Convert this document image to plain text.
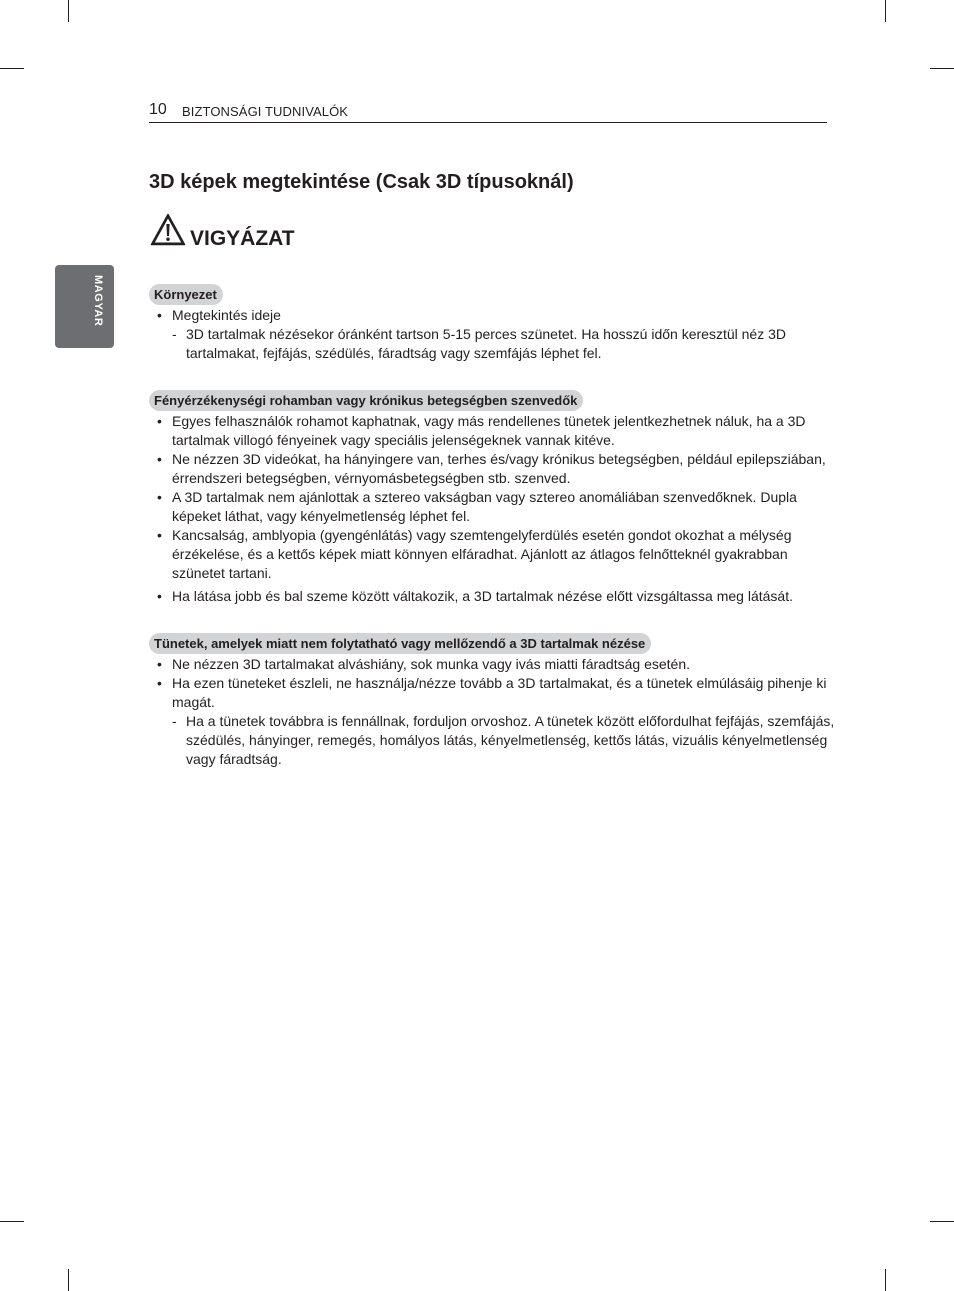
10 BIZTONSÁGI TUDNIVALÓK
MAGYAR
3D képek megtekintése (Csak 3D típusoknál)
VIGYÁZAT
Környezet
• Megtekintés ideje
- 3D tartalmak nézésekor óránként tartson 5-15 perces szünetet. Ha hosszú időn keresztül néz 3D tartalmakat, fejfájás, szédülés, fáradtság vagy szemfájás léphet fel.
Fényérzékenységi rohamban vagy krónikus betegségben szenvedők
• Egyes felhasználók rohamot kaphatnak, vagy más rendellenes tünetek jelentkezhetnek náluk, ha a 3D tartalmak villogó fényeinek vagy speciális jelenségeknek vannak kitéve.
• Ne nézzen 3D videókat, ha hányingere van, terhes és/vagy krónikus betegségben, például epilepsziában, érrendszeri betegségben, vérnyomásbetegségben stb. szenved.
• A 3D tartalmak nem ajánlottak a sztereo vakságban vagy sztereo anomáliában szenvedőknek. Dupla képeket láthat, vagy kényelmetlenség léphet fel.
• Kancsalság, amblyopia (gyengénlátás) vagy szemtengelyferdülés esetén gondot okozhat a mélység érzékelése, és a kettős képek miatt könnyen elfáradhat. Ajánlott az átlagos felnőtteknél gyakrabban szünetet tartani.
• Ha látása jobb és bal szeme között váltakozik, a 3D tartalmak nézése előtt vizsgáltassa meg látását.
Tünetek, amelyek miatt nem folytatható vagy mellőzendő a 3D tartalmak nézése
• Ne nézzen 3D tartalmakat alváshiány, sok munka vagy ivás miatti fáradtság esetén.
• Ha ezen tüneteket észleli, ne használja/nézze tovább a 3D tartalmakat, és a tünetek elmúlásáig pihenje ki magát.
- Ha a tünetek továbbra is fennállnak, forduljon orvoshoz. A tünetek között előfordulhat fejfájás, szemfájás, szédülés, hányinger, remegés, homályos látás, kényelmetlenség, kettős látás, vizuális kényelmetlenség vagy fáradtság.
